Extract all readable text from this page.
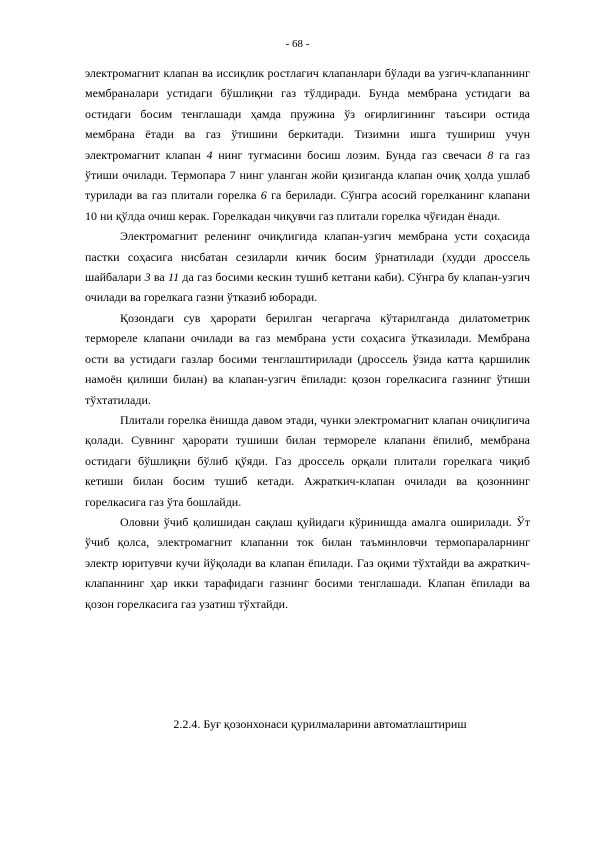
- 68 -

электромагнит клапан ва иссиқлик ростлагич клапанлари бўлади ва узгич-клапаннинг мембраналари устидаги бўшлиқни газ тўлдиради. Бунда мембрана устидаги ва остидаги босим тенглашади ҳамда пружина ўз оғирлигининг таъсири остида мембрана ётади ва газ ўтишини беркитади. Тизимни ишга тушириш учун электромагнит клапан 4 нинг тугмасини босиш лозим. Бунда газ свечаси 8 га газ ўтиши очилади. Термопара 7 нинг уланган жойи қизиганда клапан очиқ ҳолда ушлаб турилади ва газ плитали горелка 6 га берилади. Сўнгра асосий горелканинг клапани 10 ни қўлда очиш керак. Горелкадан чиқувчи газ плитали горелка чўғидан ёнади.

Электромагнит реленинг очиқлигида клапан-узгич мембрана усти соҳасида пастки соҳасига нисбатан сезиларли кичик босим ўрнатилади (худди дроссель шайбалари 3 ва 11 да газ босими кескин тушиб кетгани каби). Сўнгра бу клапан-узгич очилади ва горелкага газни ўтказиб юборади.

Қозондаги сув ҳарорати берилган чегаргача кўтарилганда дилатометрик термореле клапани очилади ва газ мембрана усти соҳасига ўтказилади. Мембрана ости ва устидаги газлар босими тенглаштирилади (дроссель ўзида катта қаршилик намоён қилиши билан) ва клапан-узгич ёпилади: қозон горелкасига газнинг ўтиши тўхтатилади.

Плитали горелка ёнишда давом этади, чунки электромагнит клапан очиқлигича қолади. Сувнинг ҳарорати тушиши билан термореле клапани ёпилиб, мембрана остидаги бўшлиқни бўлиб қўяди. Газ дроссель орқали плитали горелкага чиқиб кетиши билан босим тушиб кетади. Ажраткич-клапан очилади ва қозоннинг горелкасига газ ўта бошлайди.

Оловни ўчиб қолишидан сақлаш қуйидаги кўринишда амалга оширилади. Ўт ўчиб қолса, электромагнит клапанни ток билан таъминловчи термопараларнинг электр юритувчи кучи йўқолади ва клапан ёпилади. Газ оқими тўхтайди ва ажраткич-клапаннинг ҳар икки тарафидаги газнинг босими тенглашади. Клапан ёпилади ва қозон горелкасига газ узатиш тўхтайди.

2.2.4. Буғ қозонхонаси қурилмаларини автоматлаштириш
